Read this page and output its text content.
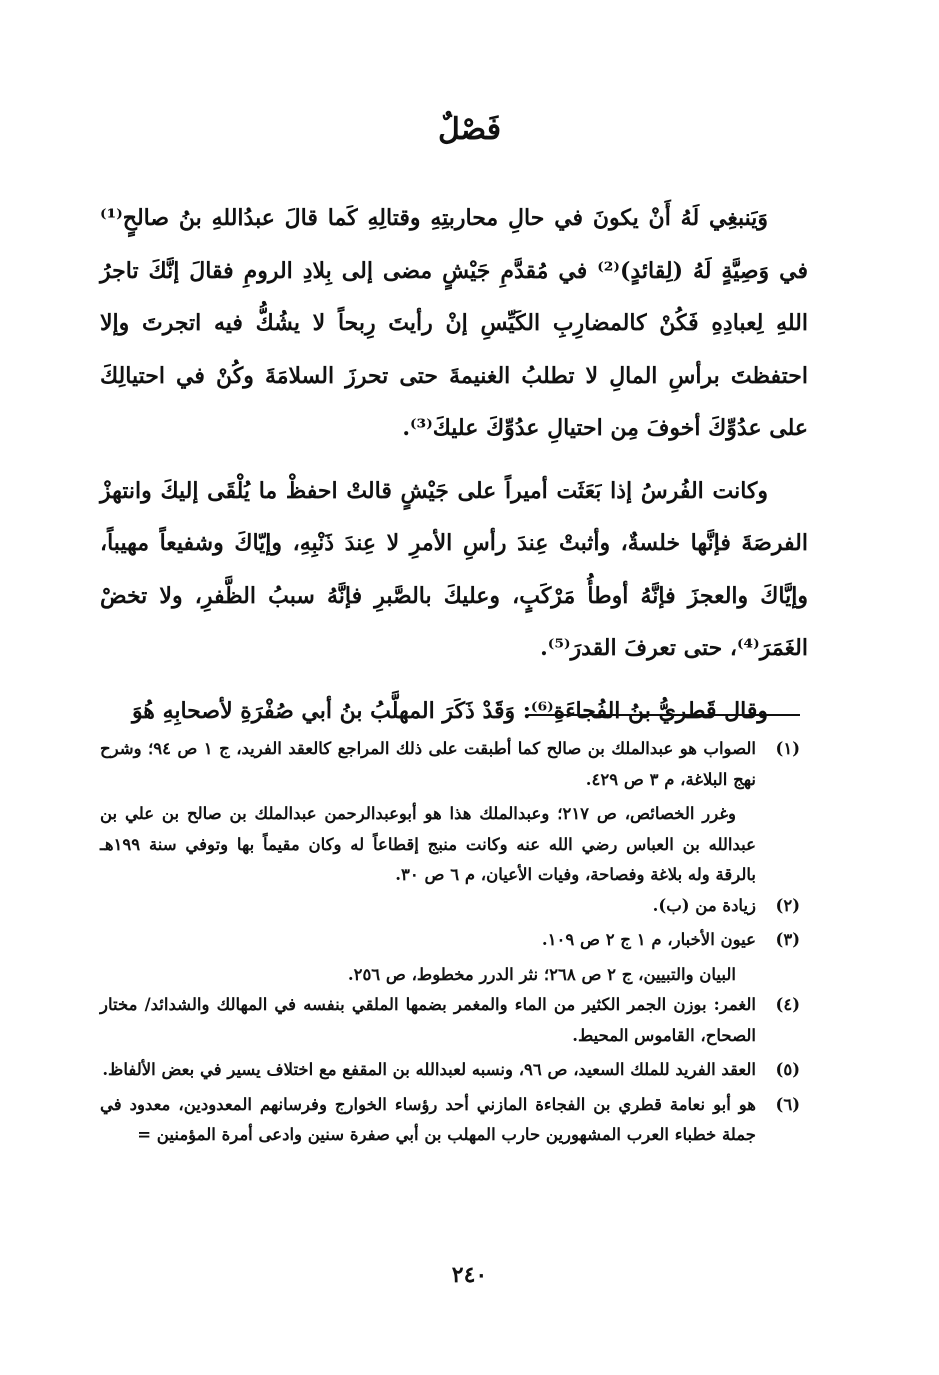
فَصْلٌ

وَيَنبغِي لَهُ أَنْ يكونَ في حالِ محاربتِهِ وقتالِهِ كَما قالَ عبدُاللهِ بنُ صالحٍ⁽¹⁾ في وَصِيَّةٍ لَهُ (لِقائدٍ)⁽²⁾ في مُقدَّمِ جَيْشٍ مضى إلى بِلادِ الرومِ فقالَ إنَّكَ تاجرُ اللهِ لِعبادِهِ فَكُنْ كالمضارِبِ الكَيِّسِ إنْ رأيتَ رِبحاً لا يشُكُّ فيه اتجرتَ وإلا احتفظتَ برأسِ المالِ لا تطلبُ الغنيمةَ حتى تحرزَ السلامَةَ وكُنْ في احتيالِكَ على عدُوِّكَ أخوفَ مِن احتيالِ عدُوِّكَ عليكَ⁽³⁾.

وكانت الفُرسُ إذا بَعَثَت أميراً على جَيْشٍ قالتْ احفظْ ما يُلْقَى إليكَ وانتهزْ الفرصَةَ فإنَّها خلسةٌ، وأثبتْ عِندَ رأسِ الأمرِ لا عِندَ ذَنْبِهِ، وإيّاكَ وشفيعاً مهيباً، وإيَّاكَ والعجزَ فإنَّهُ أوطأُ مَرْكَبٍ، وعليكَ بالصَّبرِ فإنَّهُ سببُ الظَّفرِ، ولا تخضْ الغَمَرَ⁽⁴⁾، حتى تعرفَ القدرَ⁽⁵⁾.

وقال قَطريُّ بنُ الفُجاءَةِ⁽⁶⁾: وَقَدْ ذَكَرَ المهلَّبُ بنُ أبي صُفْرَةِ لأصحابِهِ هُوَ

(١)
الصواب هو عبدالملك بن صالح كما أطبقت على ذلك المراجع كالعقد الفريد، ج ١ ص ٩٤؛ وشرح نهج البلاغة، م ٣ ص ٤٢٩.
وغرر الخصائص، ص ٢١٧؛ وعبدالملك هذا هو أبوعبدالرحمن عبدالملك بن صالح بن علي بن عبدالله بن العباس رضي الله عنه وكانت منبج إقطاعاً له وكان مقيماً بها وتوفي سنة ١٩٩هـ بالرقة وله بلاغة وفصاحة، وفيات الأعيان، م ٦ ص ٣٠.
(٢)
زيادة من (ب).
(٣)
عيون الأخبار، م ١ ج ٢ ص ١٠٩.
البيان والتبيين، ج ٢ ص ٢٦٨؛ نثر الدرر مخطوط، ص ٢٥٦.
(٤)
الغمر: بوزن الجمر الكثير من الماء والمغمر بضمها الملقي بنفسه في المهالك والشدائد/ مختار الصحاح، القاموس المحيط.
(٥)
العقد الفريد للملك السعيد، ص ٩٦، ونسبه لعبدالله بن المقفع مع اختلاف يسير في بعض الألفاظ.
(٦)
هو أبو نعامة قطري بن الفجاءة المازني أحد رؤساء الخوارج وفرسانهم المعدودين، معدود في جملة خطباء العرب المشهورين حارب المهلب بن أبي صفرة سنين وادعى أمرة المؤمنين =
٢٤٠
